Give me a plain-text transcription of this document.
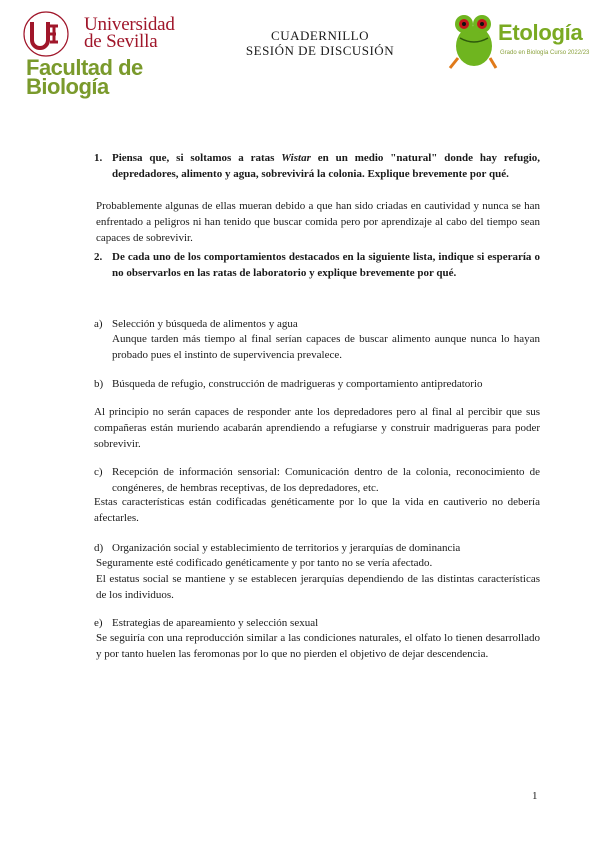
Universidad
de Sevilla
Facultad de
Biología
CUADERNILLO
SESIÓN DE DISCUSIÓN
Etología
Grado en Biología Curso 2022/23
1. Piensa que, si soltamos a ratas Wistar en un medio "natural" donde hay refugio, depredadores, alimento y agua, sobrevivirá la colonia. Explique brevemente por qué.
Probablemente algunas de ellas mueran debido a que han sido criadas en cautividad y nunca se han enfrentado a peligros ni han tenido que buscar comida pero por aprendizaje al cabo del tiempo sean capaces de sobrevivir.
2. De cada uno de los comportamientos destacados en la siguiente lista, indique si esperaría o no observarlos en las ratas de laboratorio y explique brevemente por qué.
a) Selección y búsqueda de alimentos y agua
Aunque tarden más tiempo al final serían capaces de buscar alimento aunque nunca lo hayan probado pues el instinto de supervivencia prevalece.
b) Búsqueda de refugio, construcción de madrigueras y comportamiento antipredatorio
Al principio no serán capaces de responder ante los depredadores pero al final al percibir que sus compañeras están muriendo acabarán aprendiendo a refugiarse y construir madrigueras para poder sobrevivir.
c) Recepción de información sensorial: Comunicación dentro de la colonia, reconocimiento de congéneres, de hembras receptivas, de los depredadores, etc.
Estas características están codificadas genéticamente por lo que la vida en cautiverio no debería afectarles.
d) Organización social y establecimiento de territorios y jerarquías de dominancia
Seguramente esté codificado genéticamente y por tanto no se vería afectado.
El estatus social se mantiene y se establecen jerarquías dependiendo de las distintas características de los individuos.
e) Estrategias de apareamiento y selección sexual
Se seguiría con una reproducción similar a las condiciones naturales, el olfato lo tienen desarrollado y por tanto huelen las feromonas por lo que no pierden el objetivo de dejar descendencia.
1
